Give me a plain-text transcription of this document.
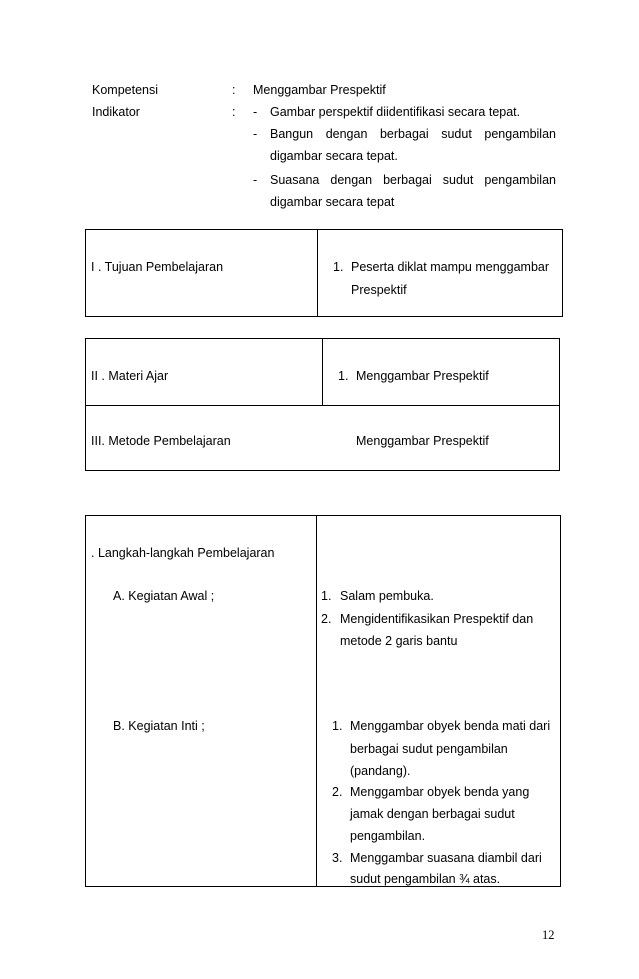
Kompetensi	: Menggambar Prespektif
Indikator	: - Gambar perspektif diidentifikasi secara tepat.
- Bangun dengan berbagai sudut pengambilan
digambar secara tepat.
- Suasana dengan berbagai sudut pengambilan
digambar secara tepat
I . Tujuan Pembelajaran	1. Peserta diklat mampu menggambar
Prespektif
II . Materi Ajar	1. Menggambar Prespektif
III. Metode Pembelajaran	Menggambar Prespektif
. Langkah-langkah Pembelajaran
A. Kegiatan Awal ;	1. Salam pembuka.
2. Mengidentifikasikan Prespektif dan
metode 2 garis bantu
B. Kegiatan Inti ;	1. Menggambar obyek benda mati dari
berbagai sudut pengambilan
(pandang).
2. Menggambar obyek benda yang
jamak dengan berbagai sudut
pengambilan.
3. Menggambar suasana diambil dari
sudut pengambilan ¾ atas.
12
